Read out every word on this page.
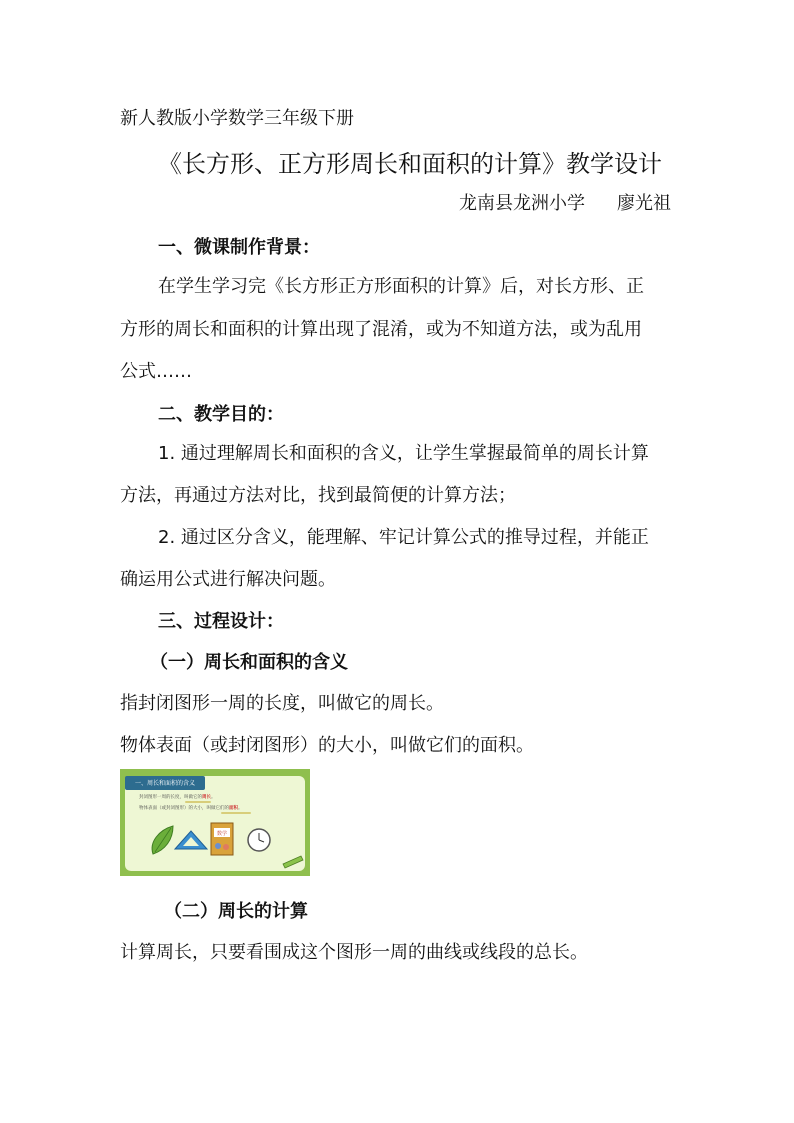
新人教版小学数学三年级下册
《长方形、正方形周长和面积的计算》教学设计
龙南县龙洲小学 廖光祖
一、微课制作背景：
在学生学习完《长方形正方形面积的计算》后，对长方形、正
方形的周长和面积的计算出现了混淆，或为不知道方法，或为乱用
公式……
二、教学目的：
1. 通过理解周长和面积的含义，让学生掌握最简单的周长计算
方法，再通过方法对比，找到最简便的计算方法；
2. 通过区分含义，能理解、牢记计算公式的推导过程，并能正
确运用公式进行解决问题。
三、过程设计：
（一）周长和面积的含义
指封闭图形一周的长度，叫做它的周长。
物体表面（或封闭图形）的大小，叫做它们的面积。
一、周长和面积的含义
封闭图形一周的长度，叫做它的周长。
物体表面（或封闭图形）的大小，叫做它们的面积。
数学
（二）周长的计算
计算周长，只要看围成这个图形一周的曲线或线段的总长。
